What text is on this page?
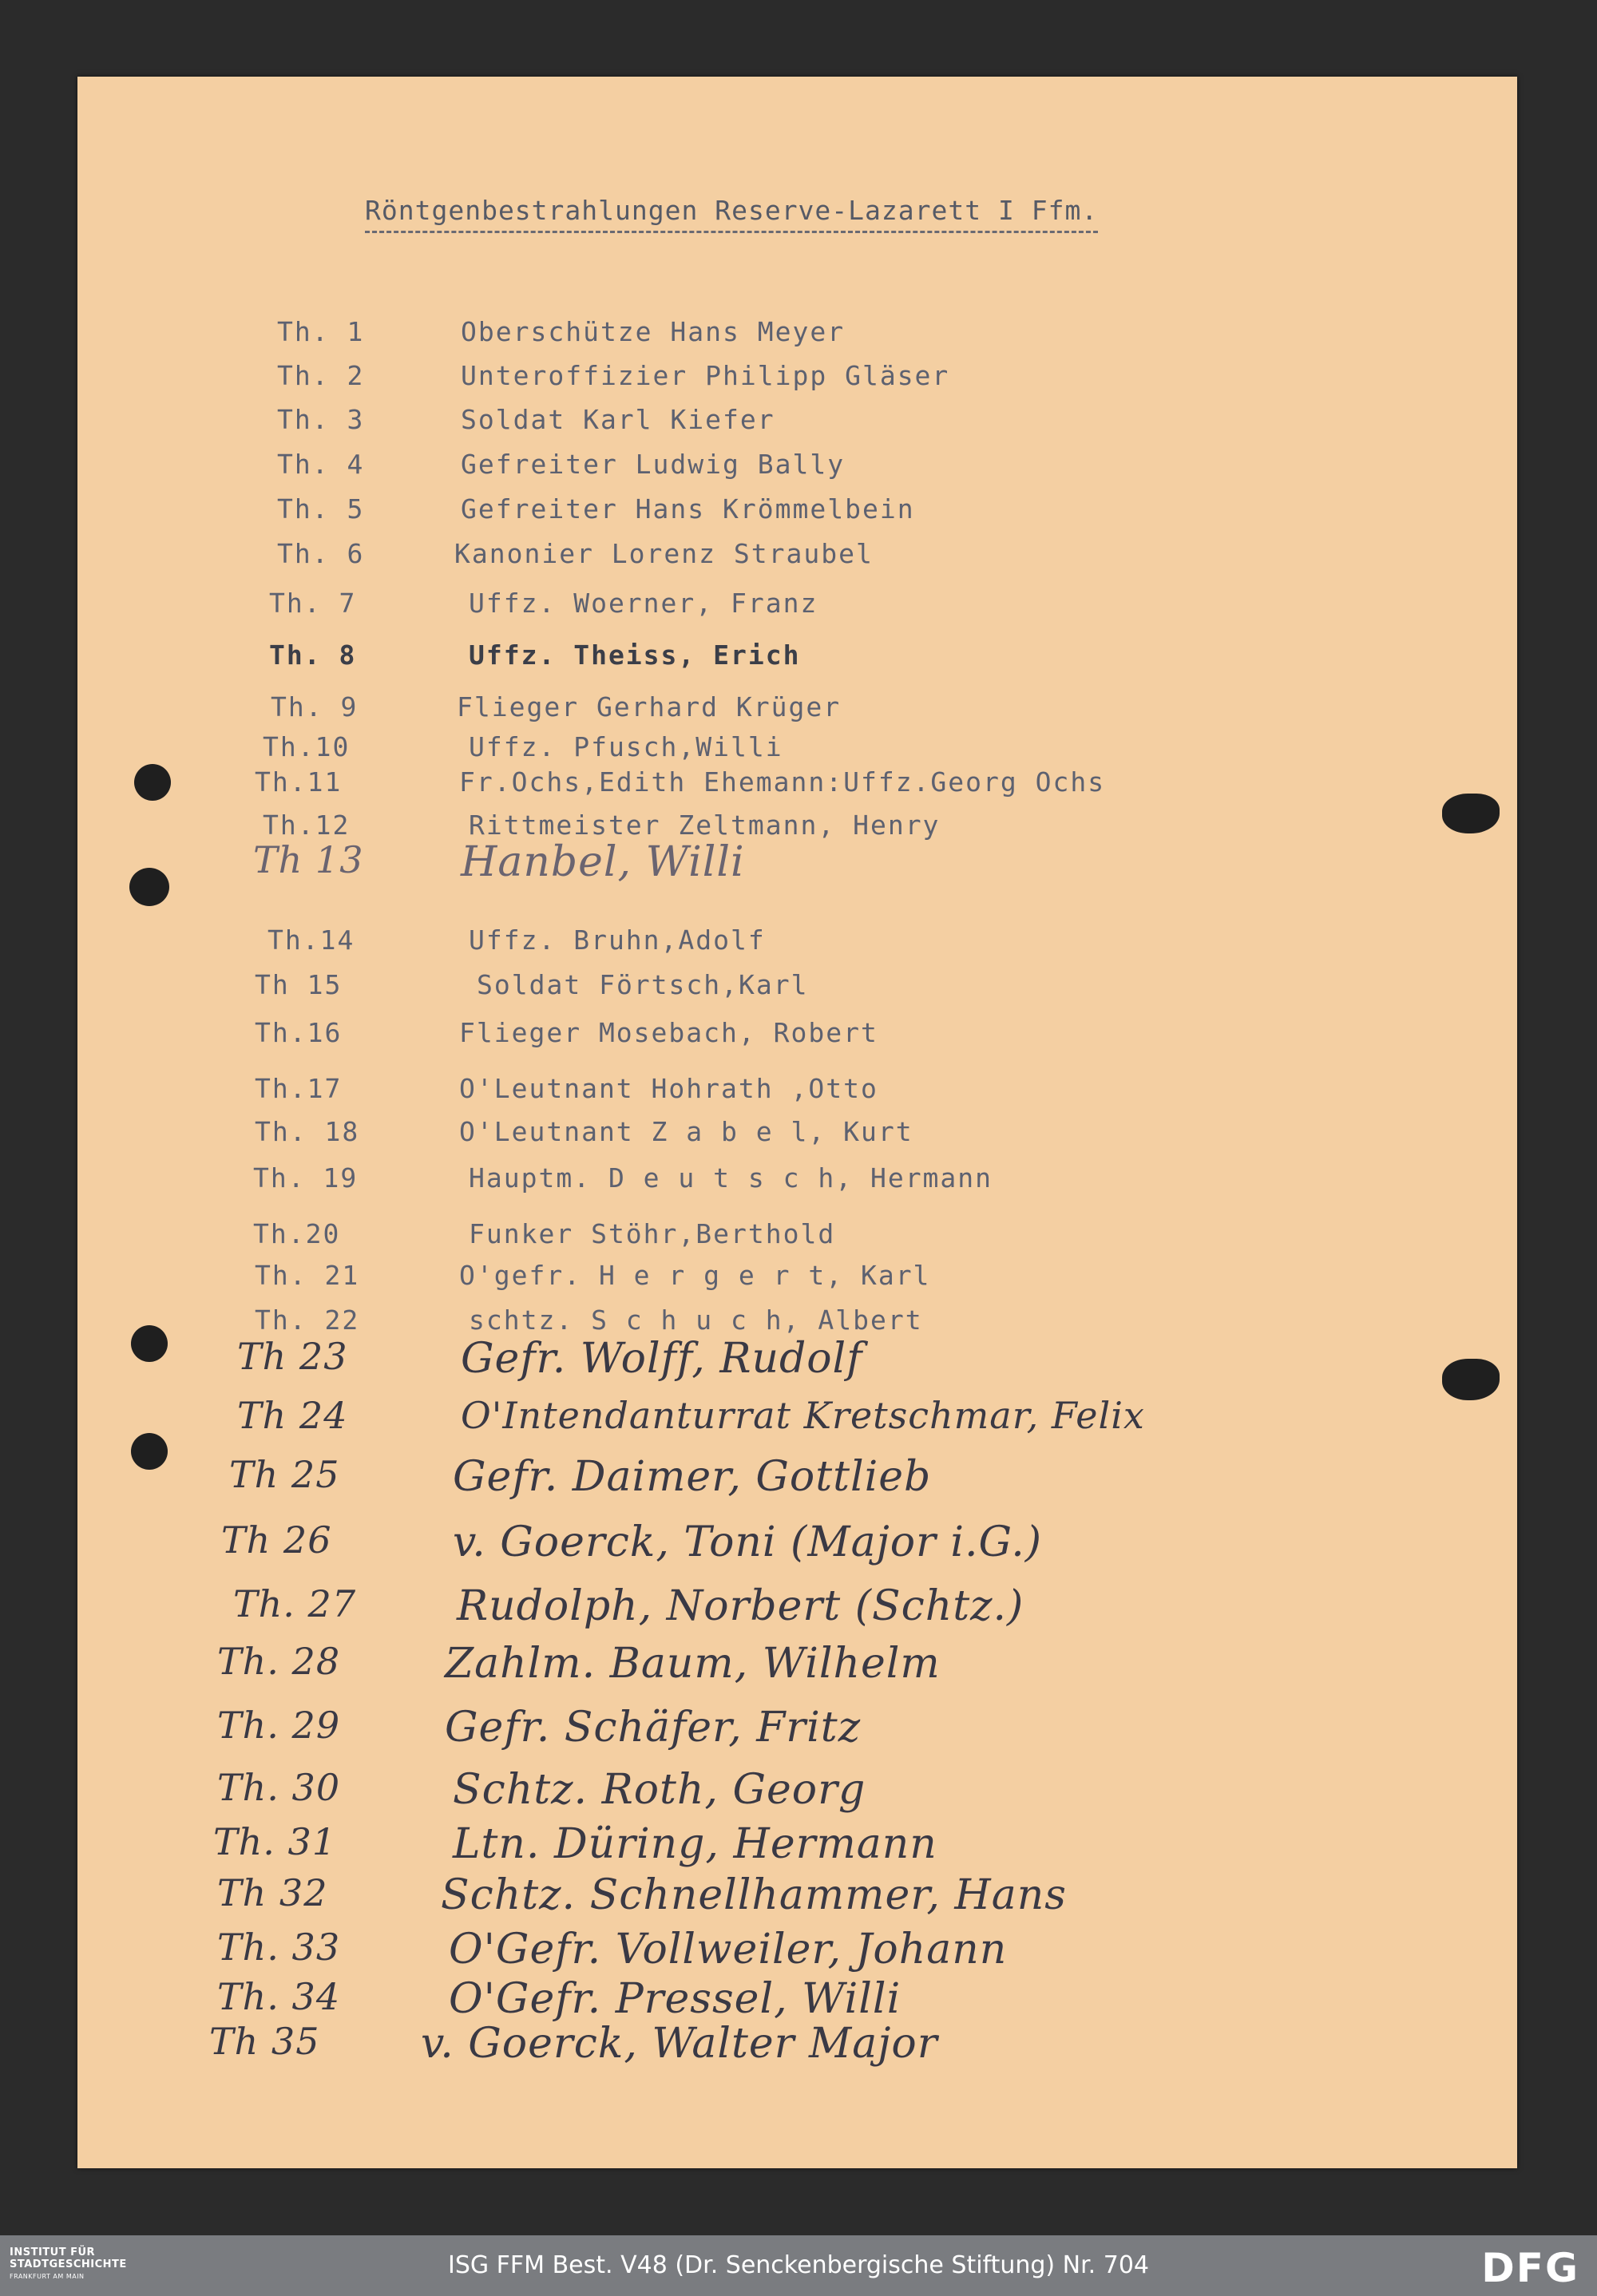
Röntgenbestrahlungen Reserve-Lazarett I Ffm.
Th. 1	Oberschütze Hans Meyer
Th. 2	Unteroffizier Philipp Gläser
Th. 3	Soldat Karl Kiefer
Th. 4	Gefreiter Ludwig Bally
Th. 5	Gefreiter Hans Krömmelbein
Th. 6	Kanonier Lorenz Straubel
Th. 7	Uffz. Woerner, Franz
Th. 8	Uffz. Theiss, Erich
Th. 9	Flieger Gerhard Krüger
Th.10	Uffz. Pfusch,Willi
Th.11	Fr.Ochs,Edith Ehemann:Uffz.Georg Ochs
Th.12	Rittmeister Zeltmann, Henry
Th 13 Hanbel, Willi
Th.14	Uffz. Bruhn,Adolf
Th 15	Soldat Förtsch,Karl
Th.16	Flieger Mosebach, Robert
Th.17	O'Leutnant Hohrath ,Otto
Th. 18	O'Leutnant Z a b e l, Kurt
Th. 19	Hauptm. D e u t s c h, Hermann
Th.20	Funker Stöhr,Berthold
Th. 21	O'gefr. H e r g e r t, Karl
Th. 22	schtz. S c h u c h, Albert
Th 23	Gefr. Wolff, Rudolf
Th 24	O'Intendanturrat Kretschmar, Felix
Th 25	Gefr. Daimer, Gottlieb
Th 26	v. Goerck, Toni (Major i.G.)
Th. 27 Rudolph, Norbert (Schtz.)
Th. 28	Zahlm. Baum, Wilhelm
Th. 29	Gefr. Schäfer, Fritz
Th. 30	Schtz. Roth, Georg
Th. 31	Ltn. Düring, Hermann
Th 32	Schtz. Schnellhammer, Hans
Th. 33	O'Gefr. Vollweiler, Johann
Th. 34	O'Gefr. Pressel, Willi
Th 35 v. Goerck, Walter Major
INSTITUT FÜR
STADTGESCHICHTE
FRANKFURT AM MAIN	ISG FFM Best. V48 (Dr. Senckenbergische Stiftung) Nr. 704	DFG
